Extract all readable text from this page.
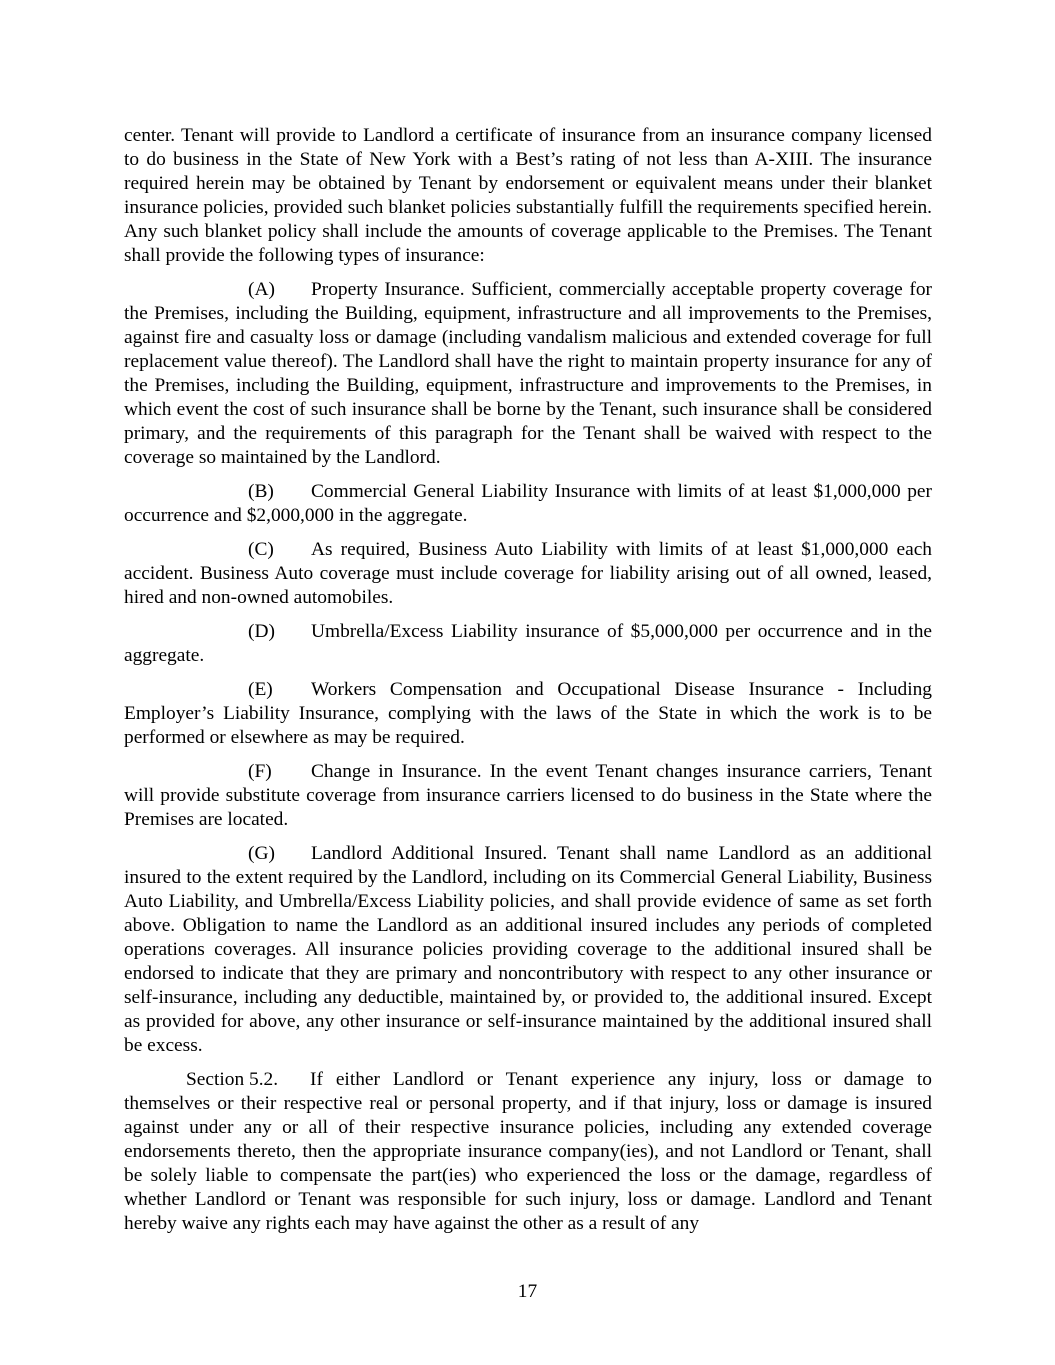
center. Tenant will provide to Landlord a certificate of insurance from an insurance company licensed to do business in the State of New York with a Best’s rating of not less than A-XIII. The insurance required herein may be obtained by Tenant by endorsement or equivalent means under their blanket insurance policies, provided such blanket policies substantially fulfill the requirements specified herein. Any such blanket policy shall include the amounts of coverage applicable to the Premises. The Tenant shall provide the following types of insurance:

(A) Property Insurance. Sufficient, commercially acceptable property coverage for the Premises, including the Building, equipment, infrastructure and all improvements to the Premises, against fire and casualty loss or damage (including vandalism malicious and extended coverage for full replacement value thereof). The Landlord shall have the right to maintain property insurance for any of the Premises, including the Building, equipment, infrastructure and improvements to the Premises, in which event the cost of such insurance shall be borne by the Tenant, such insurance shall be considered primary, and the requirements of this paragraph for the Tenant shall be waived with respect to the coverage so maintained by the Landlord.

(B) Commercial General Liability Insurance with limits of at least $1,000,000 per occurrence and $2,000,000 in the aggregate.

(C) As required, Business Auto Liability with limits of at least $1,000,000 each accident. Business Auto coverage must include coverage for liability arising out of all owned, leased, hired and non-owned automobiles.

(D) Umbrella/Excess Liability insurance of $5,000,000 per occurrence and in the aggregate.

(E) Workers Compensation and Occupational Disease Insurance - Including Employer’s Liability Insurance, complying with the laws of the State in which the work is to be performed or elsewhere as may be required.

(F) Change in Insurance. In the event Tenant changes insurance carriers, Tenant will provide substitute coverage from insurance carriers licensed to do business in the State where the Premises are located.

(G) Landlord Additional Insured. Tenant shall name Landlord as an additional insured to the extent required by the Landlord, including on its Commercial General Liability, Business Auto Liability, and Umbrella/Excess Liability policies, and shall provide evidence of same as set forth above. Obligation to name the Landlord as an additional insured includes any periods of completed operations coverages. All insurance policies providing coverage to the additional insured shall be endorsed to indicate that they are primary and noncontributory with respect to any other insurance or self-insurance, including any deductible, maintained by, or provided to, the additional insured. Except as provided for above, any other insurance or self-insurance maintained by the additional insured shall be excess.

Section 5.2. If either Landlord or Tenant experience any injury, loss or damage to themselves or their respective real or personal property, and if that injury, loss or damage is insured against under any or all of their respective insurance policies, including any extended coverage endorsements thereto, then the appropriate insurance company(ies), and not Landlord or Tenant, shall be solely liable to compensate the part(ies) who experienced the loss or the damage, regardless of whether Landlord or Tenant was responsible for such injury, loss or damage. Landlord and Tenant hereby waive any rights each may have against the other as a result of any

17
